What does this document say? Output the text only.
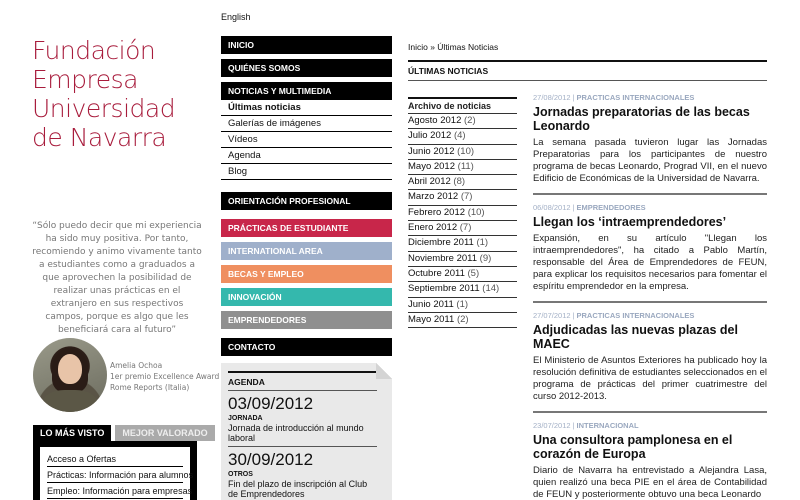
Fundación
Empresa
Universidad
de Navarra
“Sólo puedo decir que mi experiencia ha sido muy positiva. Por tanto, recomiendo y animo vivamente tanto a estudiantes como a graduados a que aprovechen la posibilidad de realizar unas prácticas en el extranjero en sus respectivos campos, porque es algo que les beneficiará cara al futuro”
Amelia Ochoa
1er premio Excellence Award
Rome Reports (Italia)
LO MÁS VISTO	MEJOR VALORADO
Acceso a Ofertas
Prácticas: Información para alumnos
Empleo: Información para empresas
English
INICIO
QUIÉNES SOMOS
NOTICIAS Y MULTIMEDIA
Últimas noticias
Galerías de imágenes
Vídeos
Agenda
Blog
ORIENTACIÓN PROFESIONAL
PRÁCTICAS DE ESTUDIANTE
INTERNATIONAL AREA
BECAS Y EMPLEO
INNOVACIÓN
EMPRENDEDORES
CONTACTO
AGENDA
03/09/2012
JORNADA
Jornada de introducción al mundo laboral
30/09/2012
OTROS
Fin del plazo de inscripción al Club de Emprendedores
Inicio » Últimas Noticias
ÚLTIMAS NOTICIAS
Archivo de noticias
Agosto 2012 (2)
Julio 2012 (4)
Junio 2012 (10)
Mayo 2012 (11)
Abril 2012 (8)
Marzo 2012 (7)
Febrero 2012 (10)
Enero 2012 (7)
Diciembre 2011 (1)
Noviembre 2011 (9)
Octubre 2011 (5)
Septiembre 2011 (14)
Junio 2011 (1)
Mayo 2011 (2)
27/08/2012 | PRACTICAS INTERNACIONALES
Jornadas preparatorias de las becas Leonardo
La semana pasada tuvieron lugar las Jornadas Preparatorias para los participantes de nuestro programa de becas Leonardo, Prograd VII, en el nuevo Edificio de Económicas de la Universidad de Navarra.
06/08/2012 | EMPRENDEDORES
Llegan los ‘intraemprendedores’
Expansión, en su artículo "Llegan los intraemprendedores", ha citado a Pablo Martín, responsable del Área de Emprendedores de FEUN, para explicar los requisitos necesarios para fomentar el espíritu emprendedor en la empresa.
27/07/2012 | PRACTICAS INTERNACIONALES
Adjudicadas las nuevas plazas del MAEC
El Ministerio de Asuntos Exteriores ha publicado hoy la resolución definitiva de estudiantes seleccionados en el programa de prácticas del primer cuatrimestre del curso 2012-2013.
23/07/2012 | INTERNACIONAL
Una consultora pamplonesa en el corazón de Europa
Diario de Navarra ha entrevistado a Alejandra Lasa, quien realizó una beca PIE en el área de Contabilidad de FEUN y posteriormente obtuvo una beca Leonardo
